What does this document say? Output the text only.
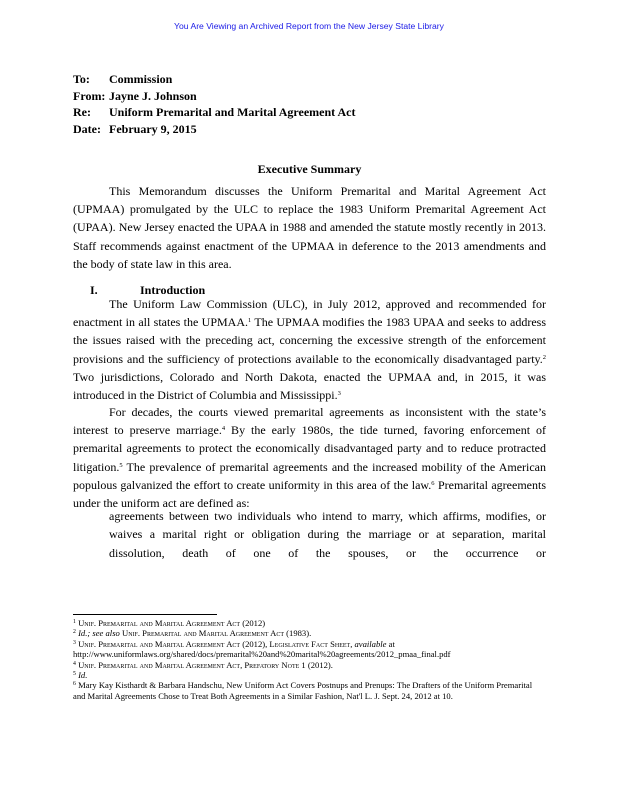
You Are Viewing an Archived Report from the New Jersey State Library
To: Commission
From: Jayne J. Johnson
Re: Uniform Premarital and Marital Agreement Act
Date: February 9, 2015
Executive Summary
This Memorandum discusses the Uniform Premarital and Marital Agreement Act (UPMAA) promulgated by the ULC to replace the 1983 Uniform Premarital Agreement Act (UPAA). New Jersey enacted the UPAA in 1988 and amended the statute mostly recently in 2013. Staff recommends against enactment of the UPMAA in deference to the 2013 amendments and the body of state law in this area.
I.	Introduction
The Uniform Law Commission (ULC), in July 2012, approved and recommended for enactment in all states the UPMAA.$^1$ The UPMAA modifies the 1983 UPAA and seeks to address the issues raised with the preceding act, concerning the excessive strength of the enforcement provisions and the sufficiency of protections available to the economically disadvantaged party.$^2$ Two jurisdictions, Colorado and North Dakota, enacted the UPMAA and, in 2015, it was introduced in the District of Columbia and Mississippi.$^3$
For decades, the courts viewed premarital agreements as inconsistent with the state’s interest to preserve marriage.$^4$ By the early 1980s, the tide turned, favoring enforcement of premarital agreements to protect the economically disadvantaged party and to reduce protracted litigation.$^5$ The prevalence of premarital agreements and the increased mobility of the American populous galvanized the effort to create uniformity in this area of the law.$^6$ Premarital agreements under the uniform act are defined as:
agreements between two individuals who intend to marry, which affirms, modifies, or waives a marital right or obligation during the marriage or at separation, marital dissolution, death of one of the spouses, or the occurrence or

$^1$ Unif. Premarital and Marital Agreement Act (2012)

$^2$ Id.; see also Unif. Premarital and Marital Agreement Act (1983).

$^3$ Unif. Premarital and Marital Agreement Act (2012), Legislative Fact Sheet, available at
http://www.uniformlaws.org/shared/docs/premarital%20and%20marital%20agreements/2012_pmaa_final.pdf

$^4$ Unif. Premarital and Marital Agreement Act, Prefatory Note 1 (2012).

$^5$ Id.

$^6$ Mary Kay Kisthardt & Barbara Handschu, New Uniform Act Covers Postnups and Prenups: The Drafters of the Uniform Premarital and Marital Agreements Chose to Treat Both Agreements in a Similar Fashion, Nat'l L. J. Sept. 24, 2012 at 10.
